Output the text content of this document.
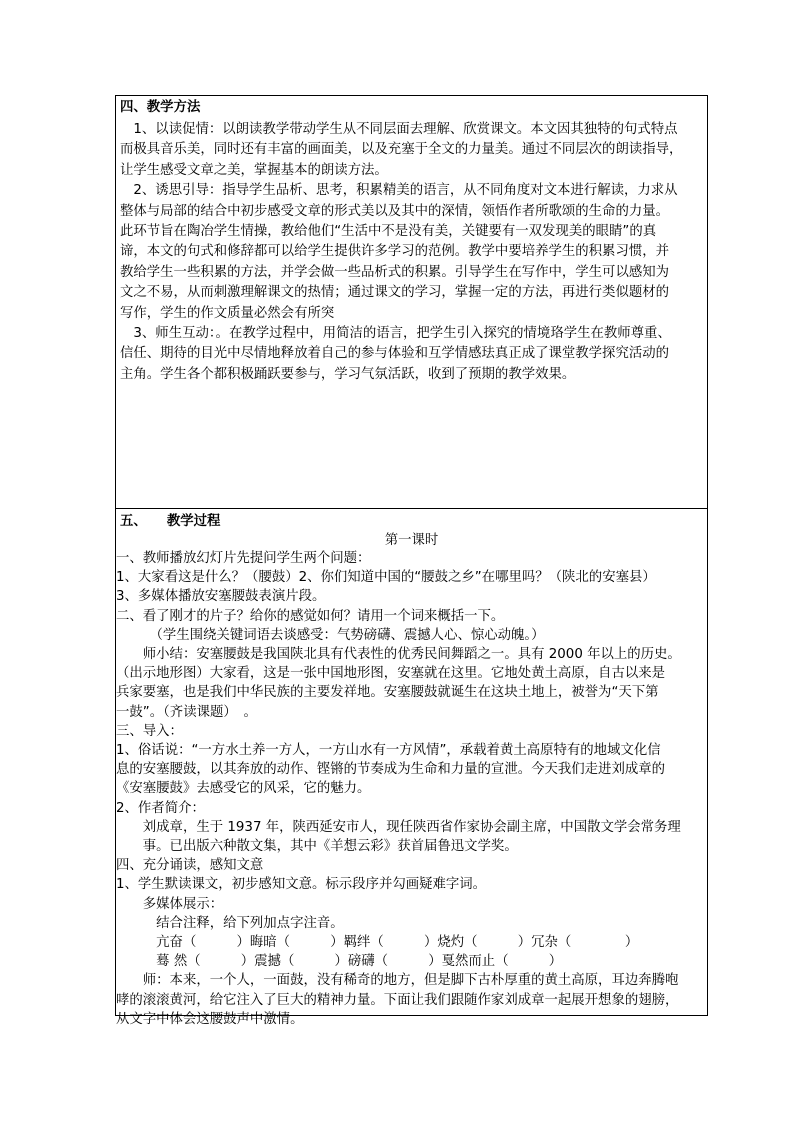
四、教学方法
　1、以读促情：以朗读教学带动学生从不同层面去理解、欣赏课文。本文因其独特的句式特点
而极具音乐美，同时还有丰富的画面美，以及充塞于全文的力量美。通过不同层次的朗读指导，
让学生感受文章之美，掌握基本的朗读方法。
　2、诱思引导：指导学生品析、思考，积累精美的语言，从不同角度对文本进行解读，力求从
整体与局部的结合中初步感受文章的形式美以及其中的深情，领悟作者所歌颂的生命的力量。
此环节旨在陶冶学生情操，教给他们“生活中不是没有美，关键要有一双发现美的眼睛”的真
谛，本文的句式和修辞都可以给学生提供许多学习的范例。教学中要培养学生的积累习惯，并
教给学生一些积累的方法，并学会做一些品析式的积累。引导学生在写作中，学生可以感知为
文之不易，从而刺激理解课文的热情；通过课文的学习，掌握一定的方法，再进行类似题材的
写作，学生的作文质量必然会有所突
　3、师生互动：。在教学过程中，用简洁的语言，把学生引入探究的情境珞学生在教师尊重、
信任、期待的目光中尽情地释放着自己的参与体验和互学情感珐真正成了课堂教学探究活动的
主角。学生各个都积极踊跃要参与，学习气氛活跃，收到了预期的教学效果。
五、　　教学过程
第一课时
一、教师播放幻灯片先提问学生两个问题：
1、大家看这是什么？（腰鼓）2、你们知道中国的“腰鼓之乡”在哪里吗？（陕北的安塞县）
3、多媒体播放安塞腰鼓表演片段。
二、看了刚才的片子？给你的感觉如何？请用一个词来概括一下。
　　　（学生围绕关键词语去谈感受：气势磅礴、震撼人心、惊心动魄。）
　　师小结：安塞腰鼓是我国陕北具有代表性的优秀民间舞蹈之一。具有 2000 年以上的历史。
（出示地形图）大家看，这是一张中国地形图，安塞就在这里。它地处黄土高原，自古以来是
兵家要塞，也是我们中华民族的主要发祥地。安塞腰鼓就诞生在这块土地上，被誉为“天下第
一鼓”。（齐读课题）　。
三、导入：
1、俗话说：“一方水土养一方人，一方山水有一方风情”，承载着黄土高原特有的地域文化信
息的安塞腰鼓，以其奔放的动作、铿锵的节奏成为生命和力量的宣泄。今天我们走进刘成章的
《安塞腰鼓》去感受它的风采，它的魅力。
2、作者简介：
　　刘成章，生于 1937 年，陕西延安市人，现任陕西省作家协会副主席，中国散文学会常务理
　　事。已出版六种散文集，其中《羊想云彩》获首届鲁迅文学奖。
四、充分诵读，感知文意
1、学生默读课文，初步感知文意。标示段序并勾画疑难字词。
　　多媒体展示：
　　　结合注释，给下列加点字注音。
　　　亢奋（　　　）晦暗（　　　）羁绊（　　　）烧灼（　　　）冗杂（　　　　）
　　　蓦 然（　　　）震撼（　　　）磅礴（　　　）戛然而止（　　　）
　　师：本来，一个人，一面鼓，没有稀奇的地方，但是脚下古朴厚重的黄土高原，耳边奔腾咆
哮的滚滚黄河，给它注入了巨大的精神力量。下面让我们跟随作家刘成章一起展开想象的翅膀，
从文字中体会这腰鼓声中激情。
